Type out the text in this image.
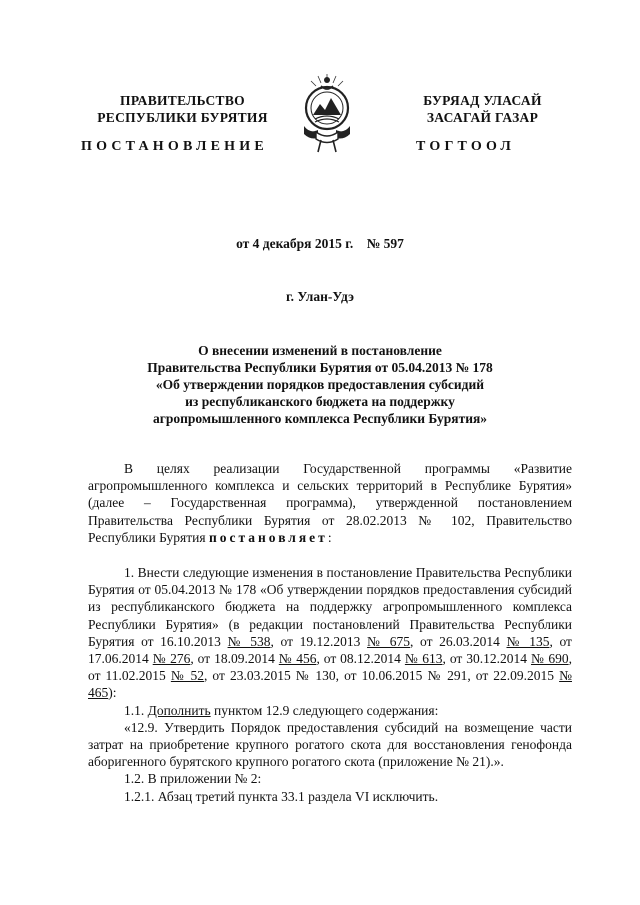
ПРАВИТЕЛЬСТВО
РЕСПУБЛИКИ БУРЯТИЯ
БУРЯАД УЛАСАЙ
ЗАСАГАЙ ГАЗАР
ПОСТАНОВЛЕНИЕ	ТОГТООЛ
от 4 декабря 2015 г.    № 597
г. Улан-Удэ
О внесении изменений в постановление
Правительства Республики Бурятия от 05.04.2013 № 178
«Об утверждении порядков предоставления субсидий
из республиканского бюджета на поддержку
агропромышленного комплекса Республики Бурятия»

В целях реализации Государственной программы «Развитие агропромышленного комплекса и сельских территорий в Республике Бурятия» (далее – Государственная программа), утвержденной постановлением Правительства Республики Бурятия от 28.02.2013 № 102, Правительство Республики Бурятия постановляет:

1. Внести следующие изменения в постановление Правительства Республики Бурятия от 05.04.2013 № 178 «Об утверждении порядков предоставления субсидий из республиканского бюджета на поддержку агропромышленного комплекса Республики Бурятия» (в редакции постановлений Правительства Республики Бурятия от 16.10.2013 № 538, от 19.12.2013 № 675, от 26.03.2014 № 135, от 17.06.2014 № 276, от 18.09.2014 № 456, от 08.12.2014 № 613, от 30.12.2014 № 690, от 11.02.2015 № 52, от 23.03.2015 № 130, от 10.06.2015 № 291, от 22.09.2015 № 465):

1.1. Дополнить пунктом 12.9 следующего содержания:

«12.9. Утвердить Порядок предоставления субсидий на возмещение части затрат на приобретение крупного рогатого скота для восстановления генофонда аборигенного бурятского крупного рогатого скота (приложение № 21).».

1.2. В приложении № 2:

1.2.1. Абзац третий пункта 33.1 раздела VI исключить.
